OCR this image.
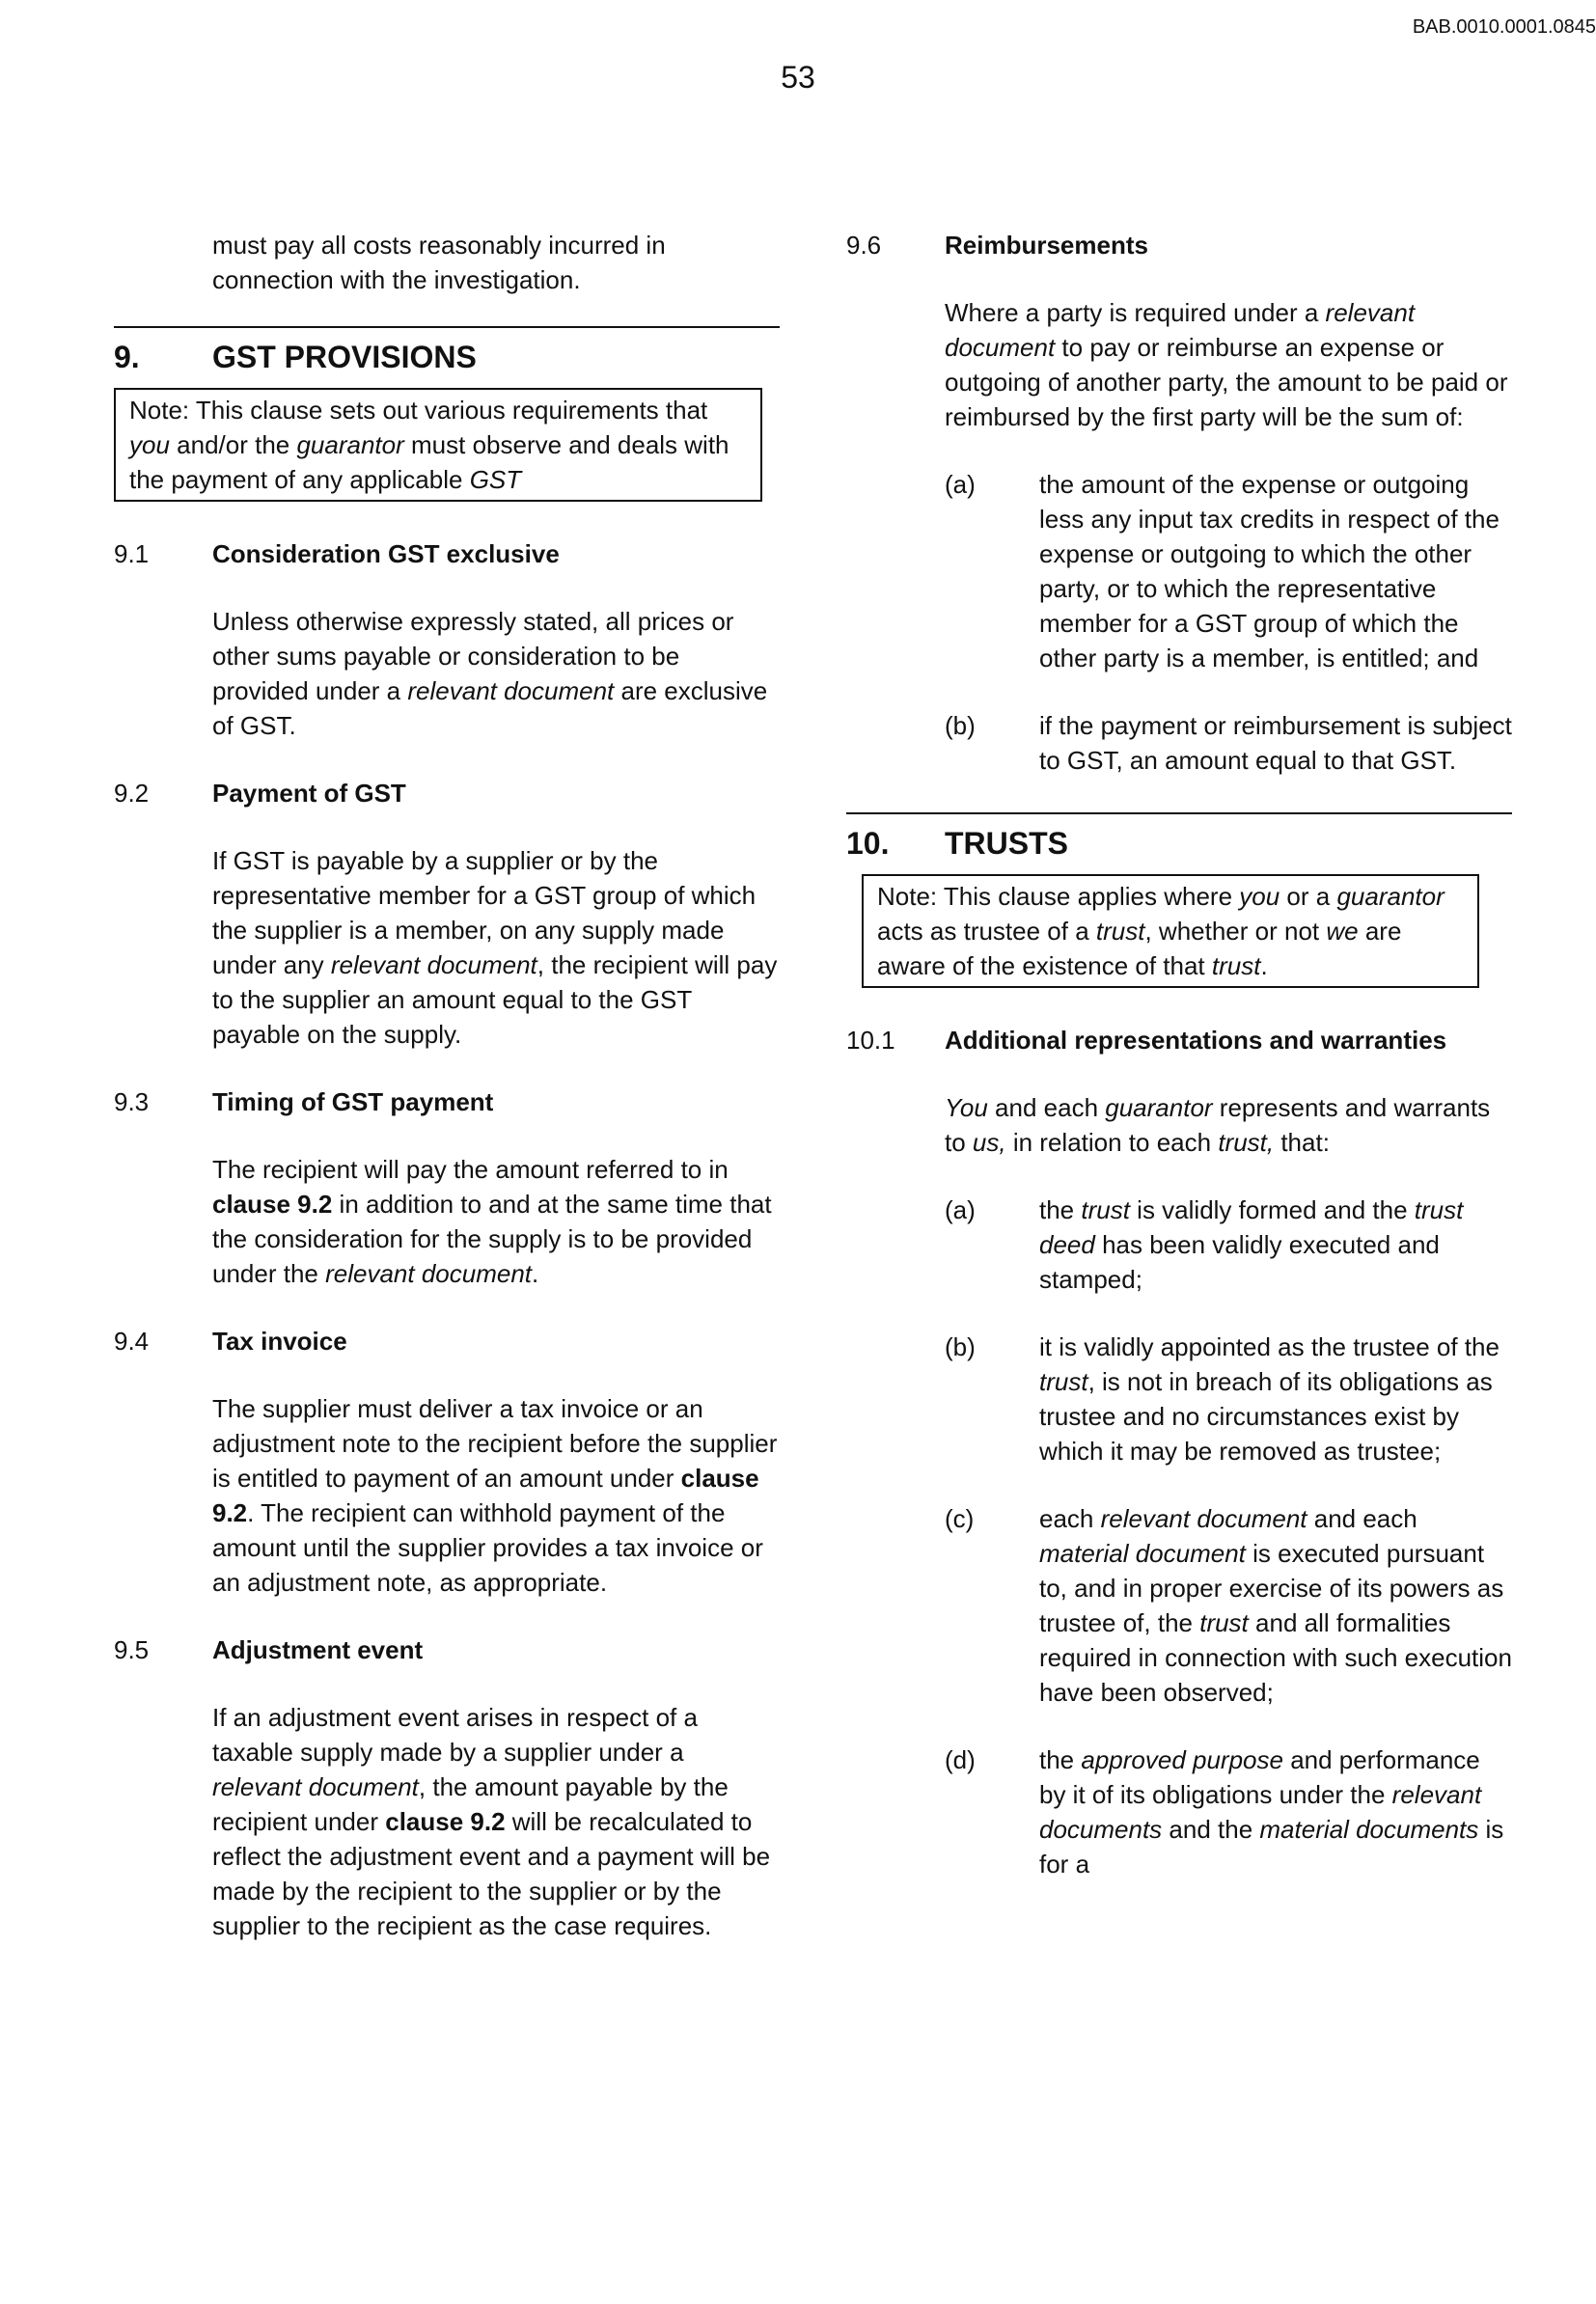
BAB.0010.0001.0845
53

must pay all costs reasonably incurred in connection with the investigation.

9.	GST PROVISIONS

Note: This clause sets out various requirements that you and/or the guarantor must observe and deals with the payment of any applicable GST

9.1	Consideration GST exclusive

Unless otherwise expressly stated, all prices or other sums payable or consideration to be provided under a relevant document are exclusive of GST.

9.2	Payment of GST

If GST is payable by a supplier or by the representative member for a GST group of which the supplier is a member, on any supply made under any relevant document, the recipient will pay to the supplier an amount equal to the GST payable on the supply.

9.3	Timing of GST payment

The recipient will pay the amount referred to in clause 9.2 in addition to and at the same time that the consideration for the supply is to be provided under the relevant document.

9.4	Tax invoice

The supplier must deliver a tax invoice or an adjustment note to the recipient before the supplier is entitled to payment of an amount under clause 9.2. The recipient can withhold payment of the amount until the supplier provides a tax invoice or an adjustment note, as appropriate.

9.5	Adjustment event

If an adjustment event arises in respect of a taxable supply made by a supplier under a relevant document, the amount payable by the recipient under clause 9.2 will be recalculated to reflect the adjustment event and a payment will be made by the recipient to the supplier or by the supplier to the recipient as the case requires.

9.6	Reimbursements

Where a party is required under a relevant document to pay or reimburse an expense or outgoing of another party, the amount to be paid or reimbursed by the first party will be the sum of:

(a)	the amount of the expense or outgoing less any input tax credits in respect of the expense or outgoing to which the other party, or to which the representative member for a GST group of which the other party is a member, is entitled; and
(b)	if the payment or reimbursement is subject to GST, an amount equal to that GST.
10.	TRUSTS

Note: This clause applies where you or a guarantor acts as trustee of a trust, whether or not we are aware of the existence of that trust.

10.1	Additional representations and warranties

You and each guarantor represents and warrants to us, in relation to each trust, that:

(a)	the trust is validly formed and the trust deed has been validly executed and stamped;
(b)	it is validly appointed as the trustee of the trust, is not in breach of its obligations as trustee and no circumstances exist by which it may be removed as trustee;
(c)	each relevant document and each material document is executed pursuant to, and in proper exercise of its powers as trustee of, the trust and all formalities required in connection with such execution have been observed;
(d)	the approved purpose and performance by it of its obligations under the relevant documents and the material documents is for a
